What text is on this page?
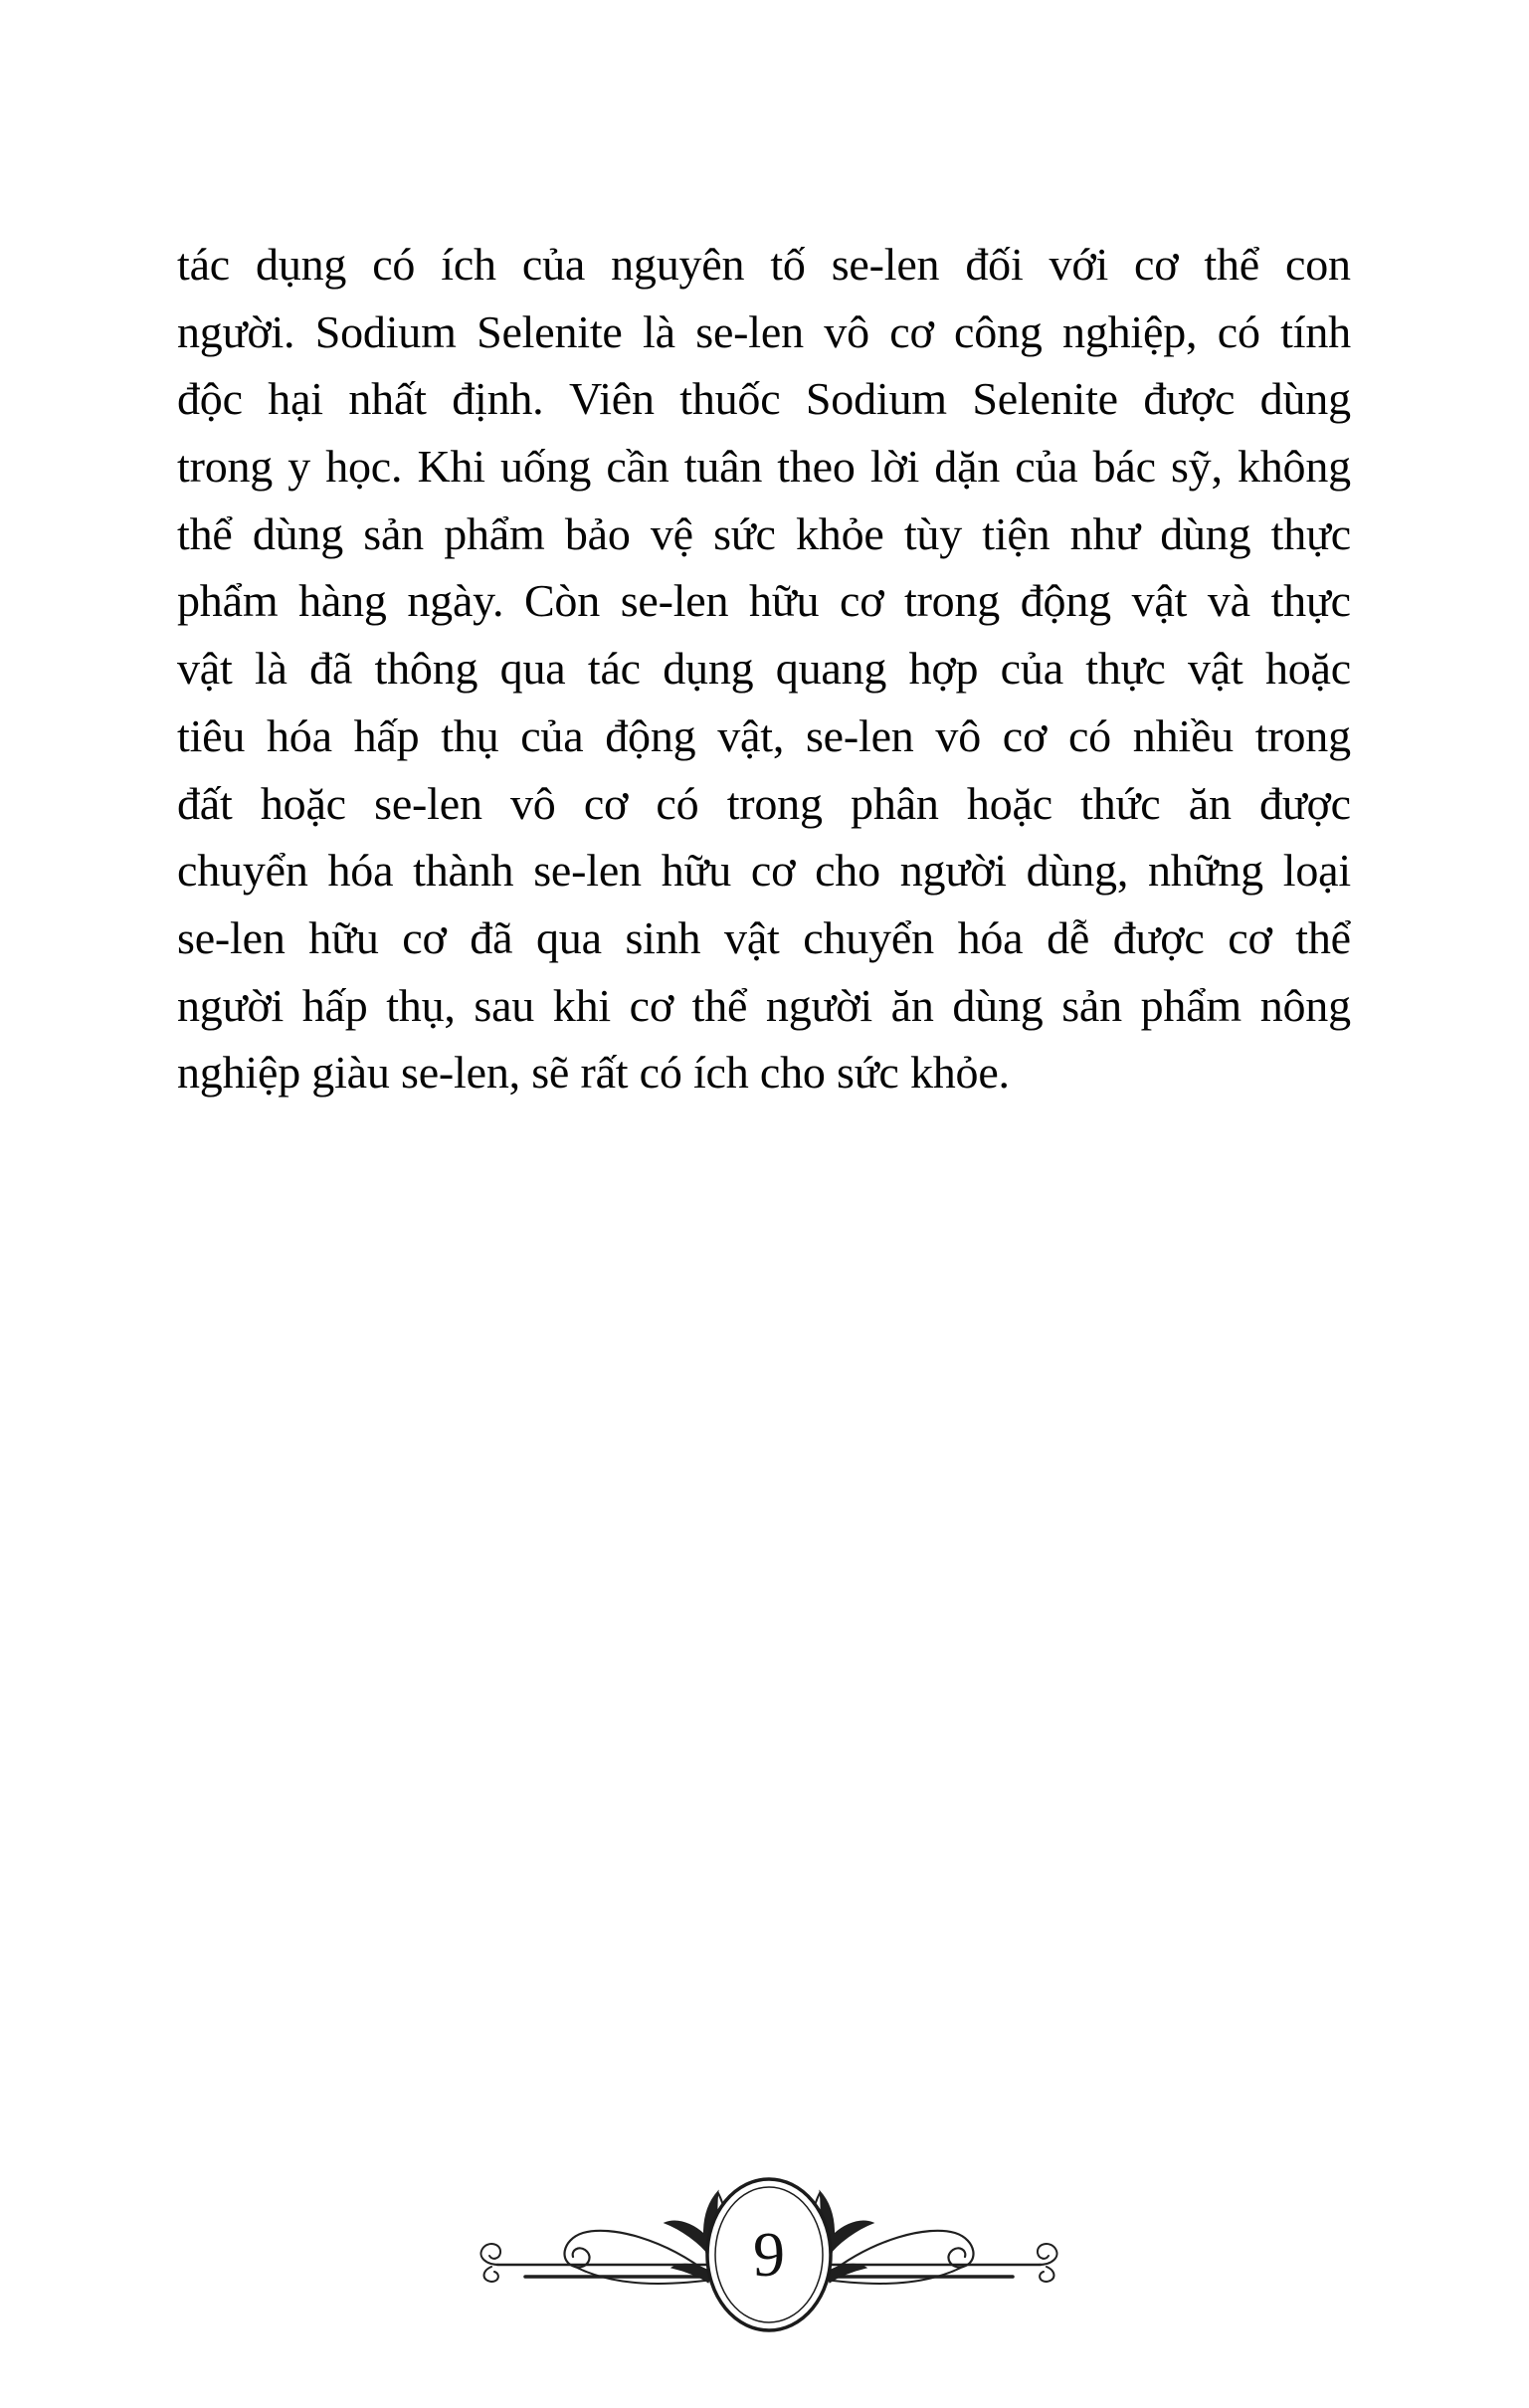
tác dụng có ích của nguyên tố se-len đối với cơ thể con
người. Sodium Selenite là se-len vô cơ công nghiệp, có tính
độc hại nhất định. Viên thuốc Sodium Selenite được dùng
trong y học. Khi uống cần tuân theo lời dặn của bác sỹ, không
thể dùng sản phẩm bảo vệ sức khỏe tùy tiện như dùng thực
phẩm hàng ngày. Còn se-len hữu cơ trong động vật và thực
vật là đã thông qua tác dụng quang hợp của thực vật hoặc
tiêu hóa hấp thụ của động vật, se-len vô cơ có nhiều trong
đất hoặc se-len vô cơ có trong phân hoặc thức ăn được
chuyển hóa thành se-len hữu cơ cho người dùng, những loại
se-len hữu cơ đã qua sinh vật chuyển hóa dễ được cơ thể
người hấp thụ, sau khi cơ thể người ăn dùng sản phẩm nông
nghiệp giàu se-len, sẽ rất có ích cho sức khỏe.
9
